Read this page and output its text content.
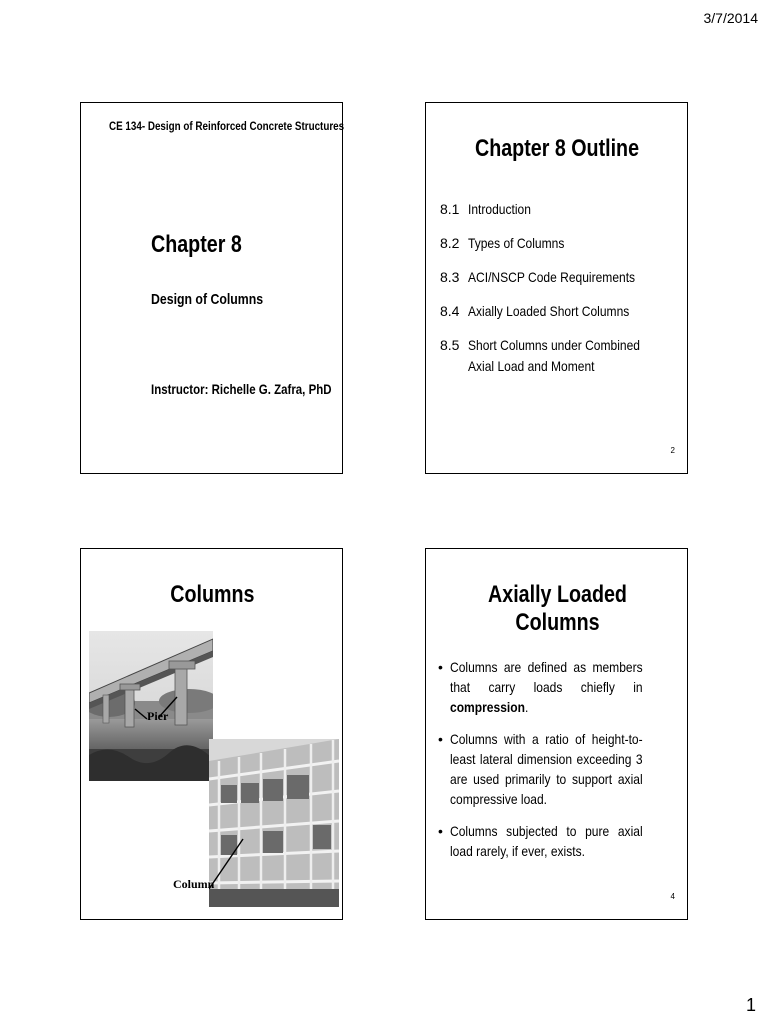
3/7/2014
CE 134- Design of Reinforced Concrete Structures
Chapter 8
Design of Columns
Instructor: Richelle G. Zafra, PhD
Chapter 8 Outline
8.1 Introduction
8.2 Types of Columns
8.3 ACI/NSCP Code Requirements
8.4 Axially Loaded Short Columns
8.5 Short Columns under Combined Axial Load and Moment
2
Columns
Pier
Column
Axially Loaded Columns
• Columns are defined as members that carry loads chiefly in compression.
• Columns with a ratio of height-to-least lateral dimension exceeding 3 are used primarily to support axial compressive load.
• Columns subjected to pure axial load rarely, if ever, exists.
4
1
